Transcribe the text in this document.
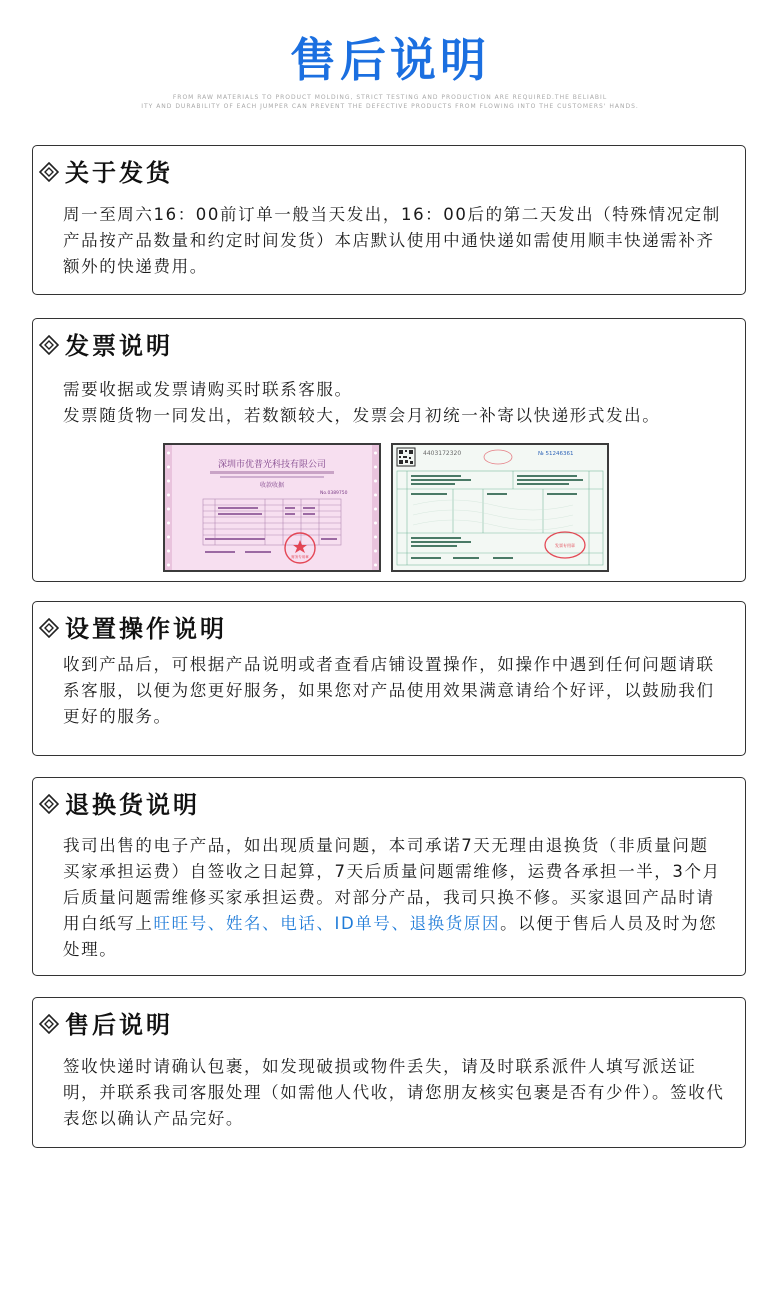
售后说明
FROM RAW MATERIALS TO PRODUCT MOLDING, STRICT TESTING AND PRODUCTION ARE REQUIRED.THE BELIABIL
ITY AND DURABILITY OF EACH JUMPER CAN PREVENT THE DEFECTIVE PRODUCTS FROM FLOWING INTO THE CUSTOMERS' HANDS.
关于发货

周一至周六16：00前订单一般当天发出，16：00后的第二天发出（特殊情况定制产品按产品数量和约定时间发货）本店默认使用中通快递如需使用顺丰快递需补齐额外的快递费用。

发票说明

需要收据或发票请购买时联系客服。

发票随货物一同发出，若数额较大，发票会月初统一补寄以快递形式发出。

深圳市优普光科技有限公司
收款收据
No.0389750
财务专用章
4403172320	№ 51246361
发票专用章
设置操作说明

收到产品后，可根据产品说明或者查看店铺设置操作，如操作中遇到任何问题请联系客服，以便为您更好服务，如果您对产品使用效果满意请给个好评，以鼓励我们更好的服务。

退换货说明

我司出售的电子产品，如出现质量问题，本司承诺7天无理由退换货（非质量问题买家承担运费）自签收之日起算，7天后质量问题需维修，运费各承担一半，3个月后质量问题需维修买家承担运费。对部分产品，我司只换不修。买家退回产品时请用白纸写上旺旺号、姓名、电话、ID单号、退换货原因。以便于售后人员及时为您处理。

售后说明

签收快递时请确认包裹，如发现破损或物件丢失，请及时联系派件人填写派送证明，并联系我司客服处理（如需他人代收，请您朋友核实包裹是否有少件）。签收代表您以确认产品完好。
